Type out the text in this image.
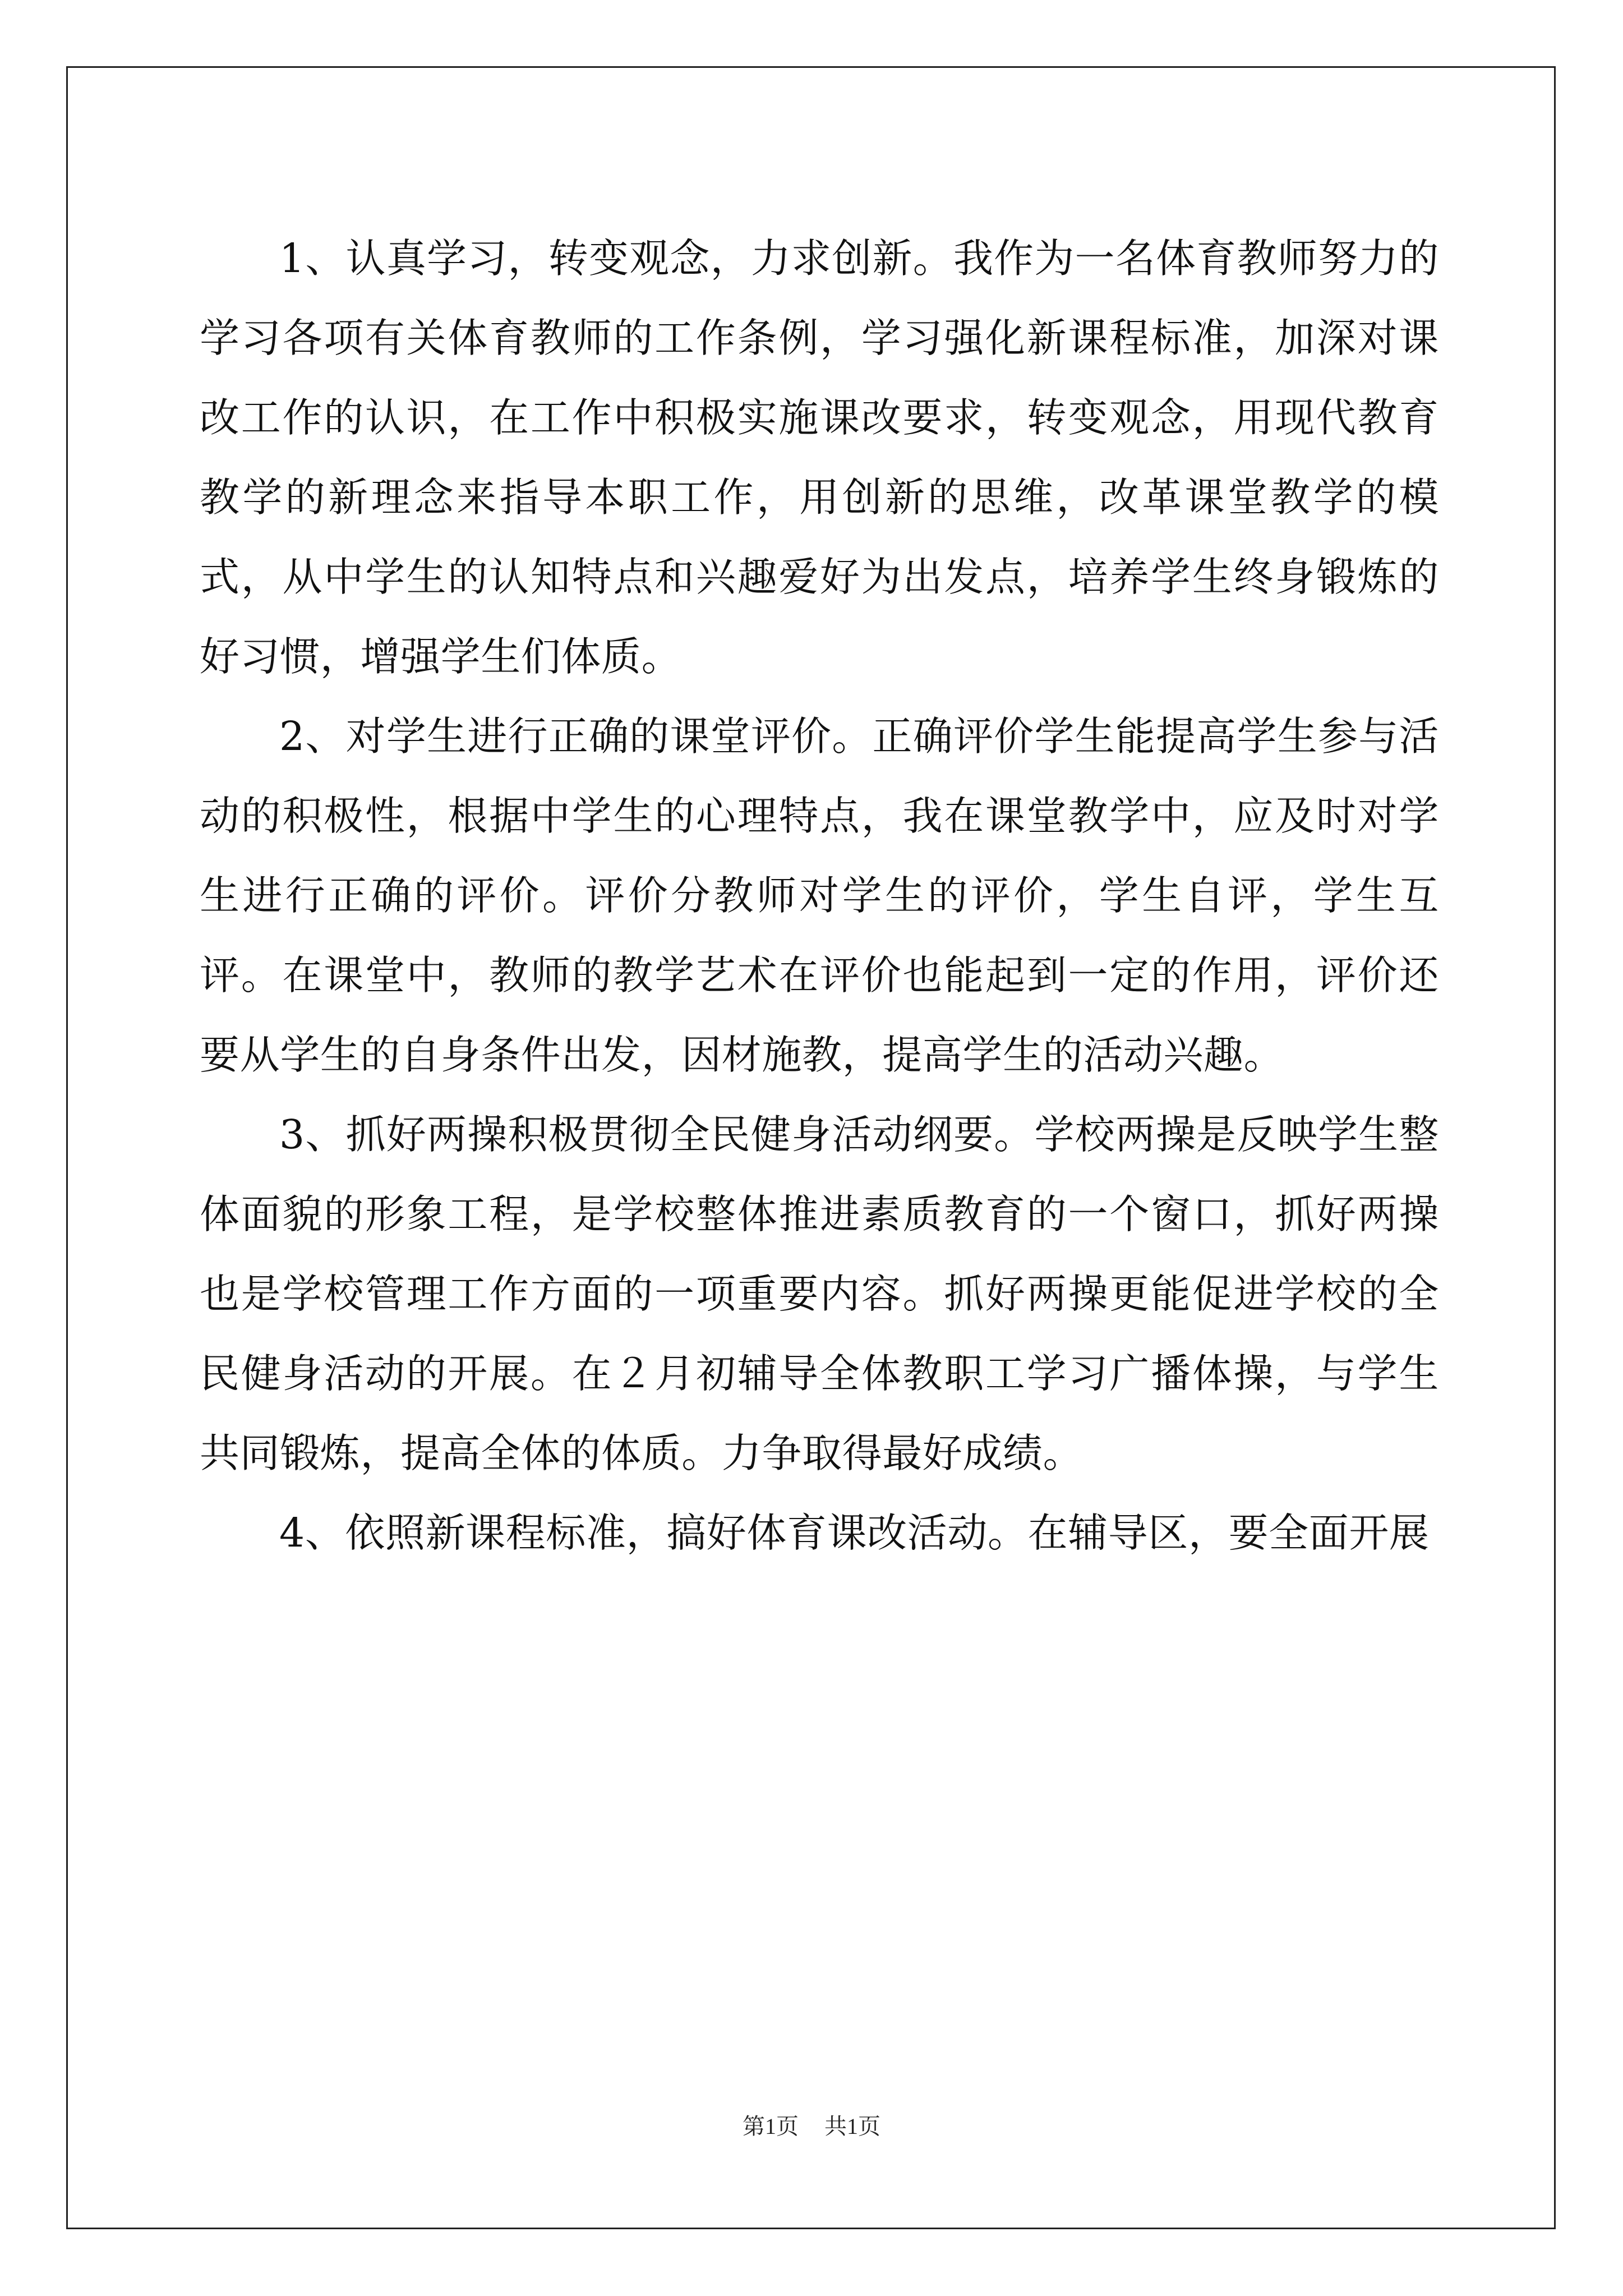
1、认真学习，转变观念，力求创新。我作为一名体育教师努力的学习各项有关体育教师的工作条例，学习强化新课程标准，加深对课改工作的认识，在工作中积极实施课改要求，转变观念，用现代教育教学的新理念来指导本职工作，用创新的思维，改革课堂教学的模式，从中学生的认知特点和兴趣爱好为出发点，培养学生终身锻炼的好习惯，增强学生们体质。

2、对学生进行正确的课堂评价。正确评价学生能提高学生参与活动的积极性，根据中学生的心理特点，我在课堂教学中，应及时对学生进行正确的评价。评价分教师对学生的评价，学生自评，学生互评。在课堂中，教师的教学艺术在评价也能起到一定的作用，评价还要从学生的自身条件出发，因材施教，提高学生的活动兴趣。

3、抓好两操积极贯彻全民健身活动纲要。学校两操是反映学生整体面貌的形象工程，是学校整体推进素质教育的一个窗口，抓好两操也是学校管理工作方面的一项重要内容。抓好两操更能促进学校的全民健身活动的开展。在２月初辅导全体教职工学习广播体操，与学生共同锻炼，提高全体的体质。力争取得最好成绩。

4、依照新课程标准，搞好体育课改活动。在辅导区，要全面开展

第1页 共1页
